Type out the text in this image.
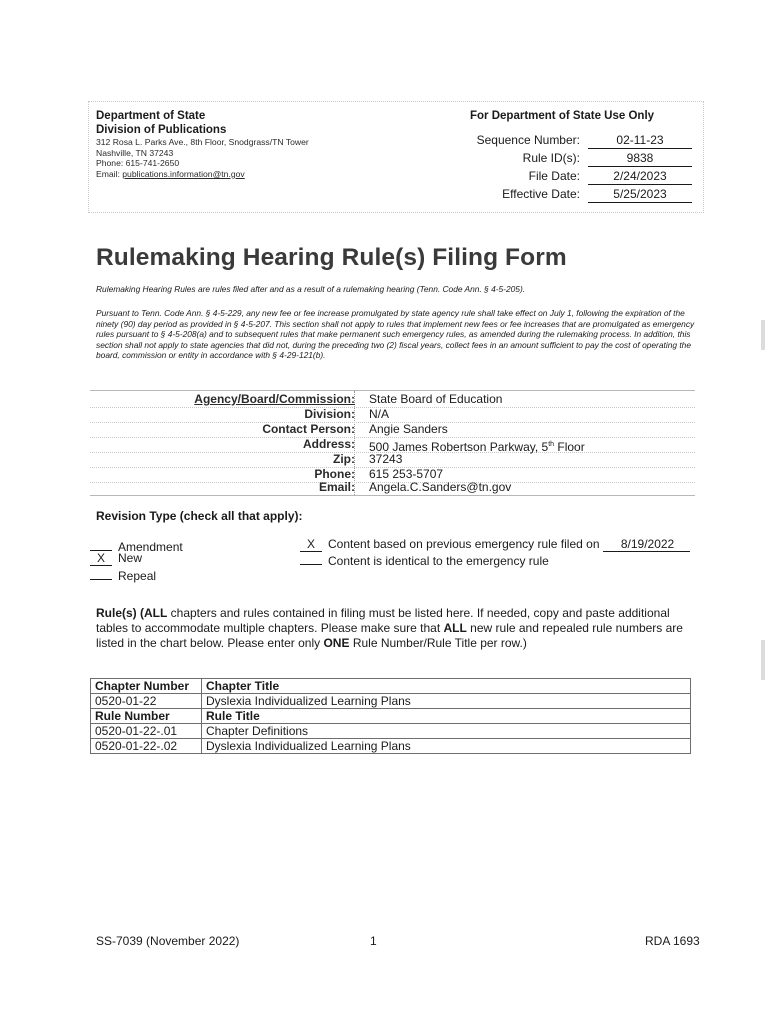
Department of State
Division of Publications
312 Rosa L. Parks Ave., 8th Floor, Snodgrass/TN Tower
Nashville, TN 37243
Phone: 615-741-2650
Email: publications.information@tn.gov
For Department of State Use Only
Sequence Number:	02-11-23
Rule ID(s):	9838
File Date:	2/24/2023
Effective Date:	5/25/2023
Rulemaking Hearing Rule(s) Filing Form
Rulemaking Hearing Rules are rules filed after and as a result of a rulemaking hearing (Tenn. Code Ann. § 4-5-205).
Pursuant to Tenn. Code Ann. § 4-5-229, any new fee or fee increase promulgated by state agency rule shall take effect on July 1, following the expiration of the ninety (90) day period as provided in § 4-5-207. This section shall not apply to rules that implement new fees or fee increases that are promulgated as emergency rules pursuant to § 4-5-208(a) and to subsequent rules that make permanent such emergency rules, as amended during the rulemaking process. In addition, this section shall not apply to state agencies that did not, during the preceding two (2) fiscal years, collect fees in an amount sufficient to pay the cost of operating the board, commission or entity in accordance with § 4-29-121(b).
Agency/Board/Commission:	State Board of Education
Division:	N/A
Contact Person:	Angie Sanders
Address:	500 James Robertson Parkway, 5th Floor
Zip:	37243
Phone:	615 253-5707
Email:	Angela.C.Sanders@tn.gov
Revision Type (check all that apply):
Amendment
X New
Repeal
X Content based on previous emergency rule filed on 8/19/2022
Content is identical to the emergency rule
Rule(s) (ALL chapters and rules contained in filing must be listed here. If needed, copy and paste additional tables to accommodate multiple chapters. Please make sure that ALL new rule and repealed rule numbers are listed in the chart below. Please enter only ONE Rule Number/Rule Title per row.)
Chapter Number	Chapter Title
0520-01-22	Dyslexia Individualized Learning Plans
Rule Number	Rule Title
0520-01-22-.01	Chapter Definitions
0520-01-22-.02	Dyslexia Individualized Learning Plans
SS-7039 (November 2022)	1	RDA 1693
